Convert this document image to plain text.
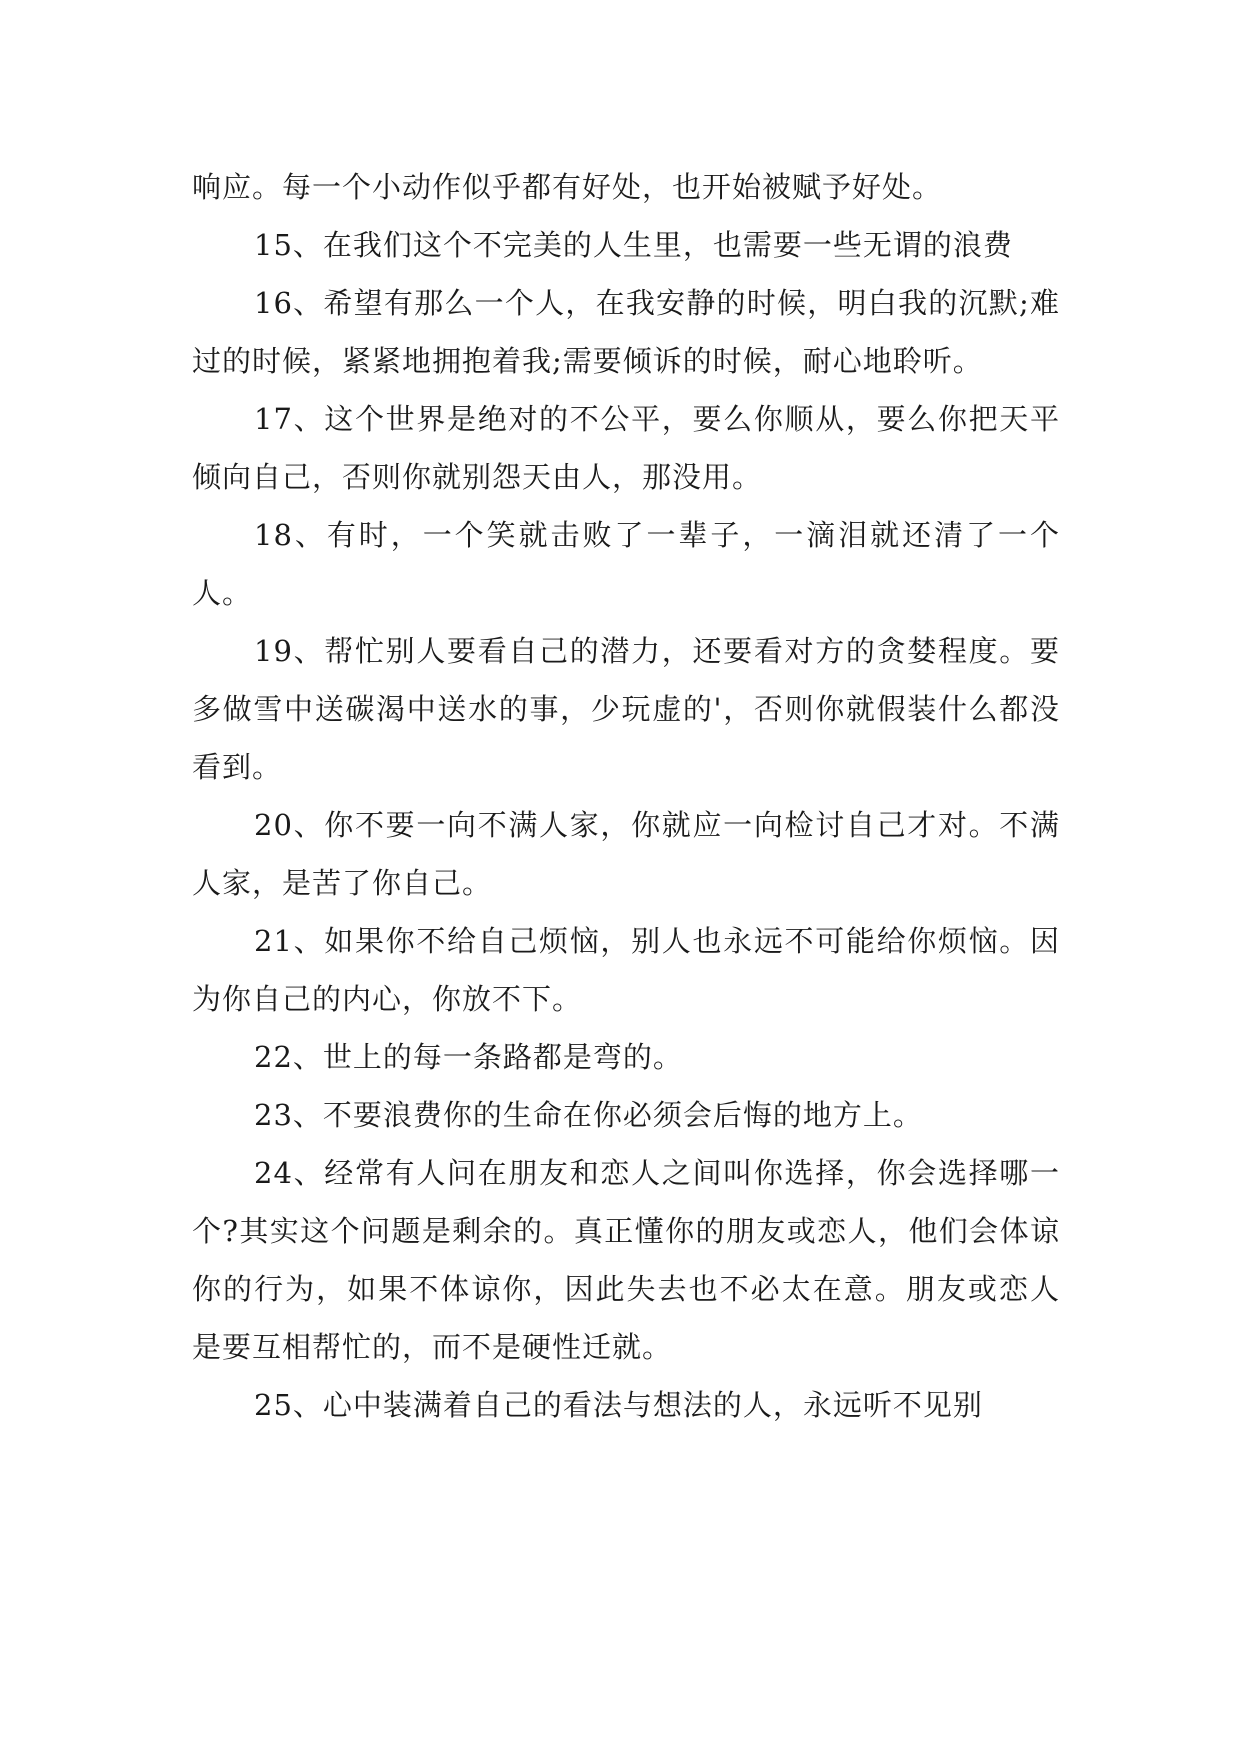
响应。每一个小动作似乎都有好处，也开始被赋予好处。

15、在我们这个不完美的人生里，也需要一些无谓的浪费

16、希望有那么一个人，在我安静的时候，明白我的沉默;难过的时候，紧紧地拥抱着我;需要倾诉的时候，耐心地聆听。

17、这个世界是绝对的不公平，要么你顺从，要么你把天平倾向自己，否则你就别怨天由人，那没用。

18、有时，一个笑就击败了一辈子，一滴泪就还清了一个人。

19、帮忙别人要看自己的潜力，还要看对方的贪婪程度。要多做雪中送碳渴中送水的事，少玩虚的'，否则你就假装什么都没看到。

20、你不要一向不满人家，你就应一向检讨自己才对。不满人家，是苦了你自己。

21、如果你不给自己烦恼，别人也永远不可能给你烦恼。因为你自己的内心，你放不下。

22、世上的每一条路都是弯的。

23、不要浪费你的生命在你必须会后悔的地方上。

24、经常有人问在朋友和恋人之间叫你选择，你会选择哪一个?其实这个问题是剩余的。真正懂你的朋友或恋人，他们会体谅你的行为，如果不体谅你，因此失去也不必太在意。朋友或恋人是要互相帮忙的，而不是硬性迁就。

25、心中装满着自己的看法与想法的人，永远听不见别
